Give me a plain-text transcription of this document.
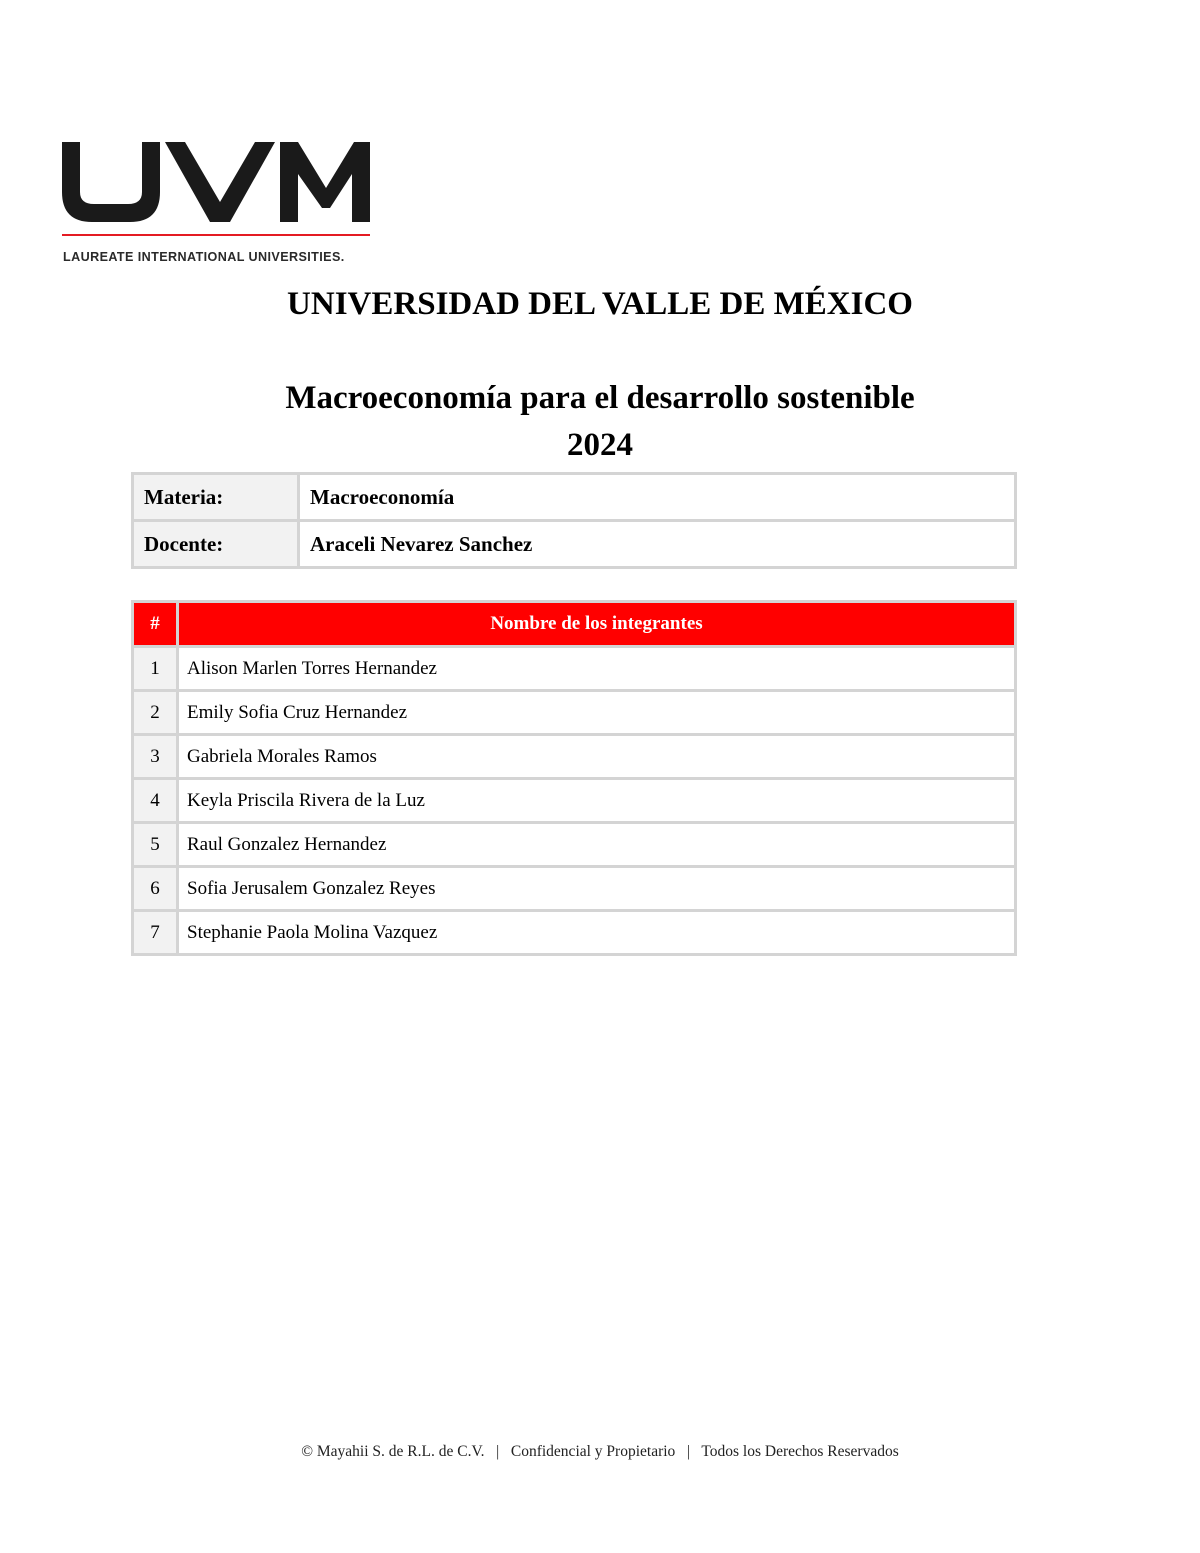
LAUREATE INTERNATIONAL UNIVERSITIES.
UNIVERSIDAD DEL VALLE DE MÉXICO
Macroeconomía para el desarrollo sostenible
2024
Materia:	Macroeconomía
Docente:	Araceli Nevarez Sanchez
#	Nombre de los integrantes
1	Alison Marlen Torres Hernandez
2	Emily Sofia Cruz Hernandez
3	Gabriela Morales Ramos
4	Keyla Priscila Rivera de la Luz
5	Raul Gonzalez Hernandez
6	Sofia Jerusalem Gonzalez Reyes
7	Stephanie Paola Molina Vazquez
© Mayahii S. de R.L. de C.V.   |   Confidencial y Propietario   |   Todos los Derechos Reservados
